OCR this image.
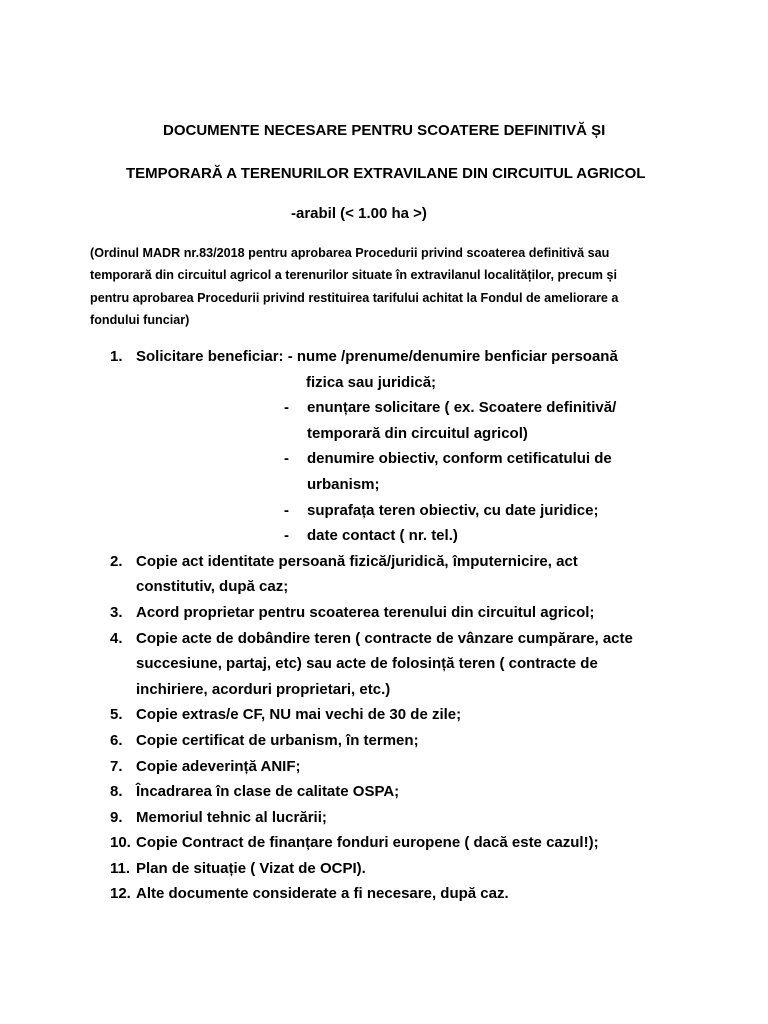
DOCUMENTE NECESARE PENTRU SCOATERE DEFINITIVĂ ȘI
TEMPORARĂ A TERENURILOR EXTRAVILANE DIN CIRCUITUL AGRICOL
-arabil (< 1.00 ha >)
(Ordinul MADR nr.83/2018 pentru aprobarea Procedurii privind scoaterea definitivă sau
temporară din circuitul agricol a terenurilor situate în extravilanul localităților, precum și
pentru aprobarea Procedurii privind restituirea tarifului achitat la Fondul de ameliorare a
fondului funciar)
1. Solicitare beneficiar: - nume /prenume/denumire benficiar persoană
fizica sau juridică;
- enunțare solicitare ( ex. Scoatere definitivă/
temporară din circuitul agricol)
- denumire obiectiv, conform cetificatului de
urbanism;
- suprafața teren obiectiv, cu date juridice;
- date contact ( nr. tel.)
2. Copie act identitate persoană fizică/juridică, împuternicire, act
constitutiv, după caz;
3. Acord proprietar pentru scoaterea terenului din circuitul agricol;
4. Copie acte de dobândire teren ( contracte de vânzare cumpărare, acte
succesiune, partaj, etc) sau acte de folosință teren ( contracte de
inchiriere, acorduri proprietari, etc.)
5. Copie extras/e CF, NU mai vechi de 30 de zile;
6. Copie certificat de urbanism, în termen;
7. Copie adeverință ANIF;
8. Încadrarea în clase de calitate OSPA;
9. Memoriul tehnic al lucrării;
10. Copie Contract de finanțare fonduri europene ( dacă este cazul!);
11. Plan de situație ( Vizat de OCPI).
12. Alte documente considerate a fi necesare, după caz.
